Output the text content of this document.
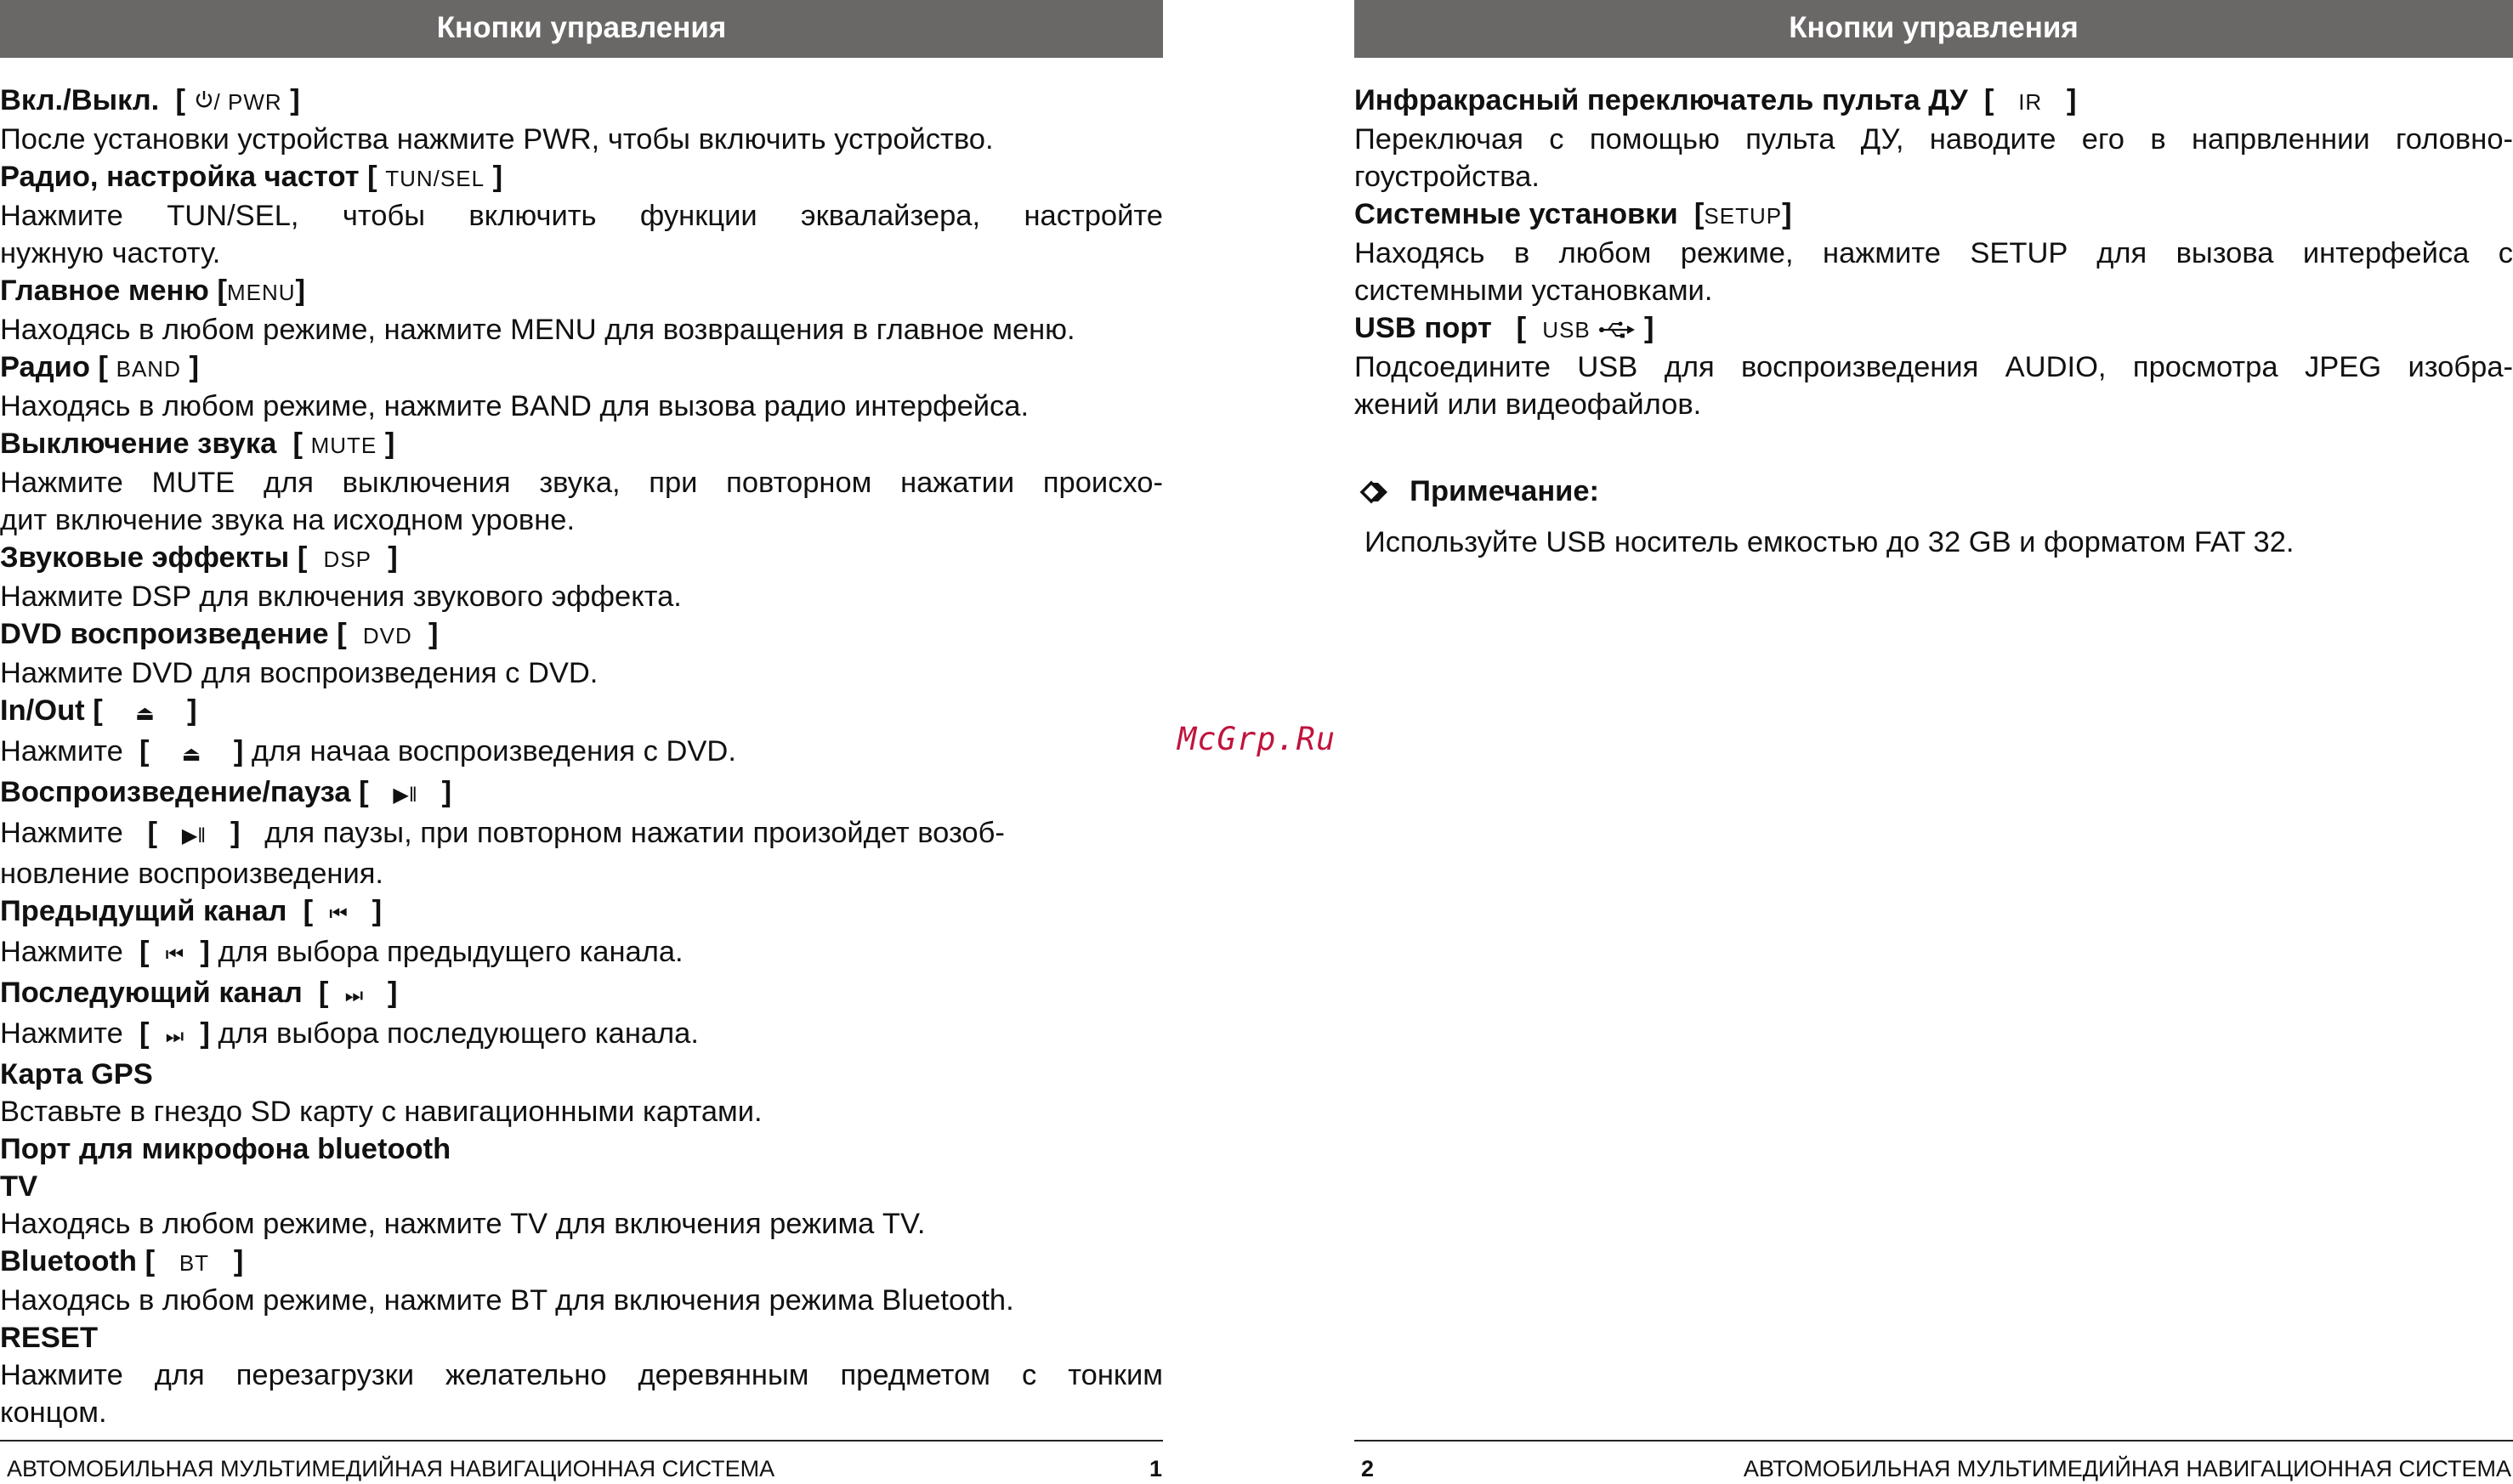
Кнопки управления
Вкл./Выкл. [ / PWR ]
После установки устройства нажмите PWR, чтобы включить устройство.
Радио, настройка частот [ TUN/SEL ]
Нажмите TUN/SEL, чтобы включить функции эквалайзера, настройте
нужную частоту.
Главное меню [MENU]
Находясь в любом режиме, нажмите MENU для возвращения в главное меню.
Радио [ BAND ]
Находясь в любом режиме, нажмите BAND для вызова радио интерфейса.
Выключение звука [ MUTE ]
Нажмите MUTE для выключения звука, при повторном нажатии происхо-
дит включение звука на исходном уровне.
Звуковые эффекты [ DSP ]
Нажмите DSP для включения звукового эффекта.
DVD воспроизведение [ DVD ]
Нажмите DVD для воспроизведения с DVD.
In/Out [ ⏏ ]
Нажмите [ ⏏ ] для начаа воспроизведения с DVD.
Воспроизведение/пауза [ ▶ǁ ]
Нажмите [ ▶ǁ ] для паузы, при повторном нажатии произойдет возоб-
новление воспроизведения.
Предыдущий канал [ ⏮ ]
Нажмите [ ⏮ ] для выбора предыдущего канала.
Последующий канал [ ⏭ ]
Нажмите [ ⏭ ] для выбора последующего канала.
Карта GPS
Вставьте в гнездо SD карту с навигационными картами.
Порт для микрофона bluetooth
TV
Находясь в любом режиме, нажмите TV для включения режима TV.
Bluetooth [ BT ]
Находясь в любом режиме, нажмите BT для включения режима Bluetooth.
RESET
Нажмите для перезагрузки желательно деревянным предметом с тонким
концом.
АВТОМОБИЛЬНАЯ МУЛЬТИМЕДИЙНАЯ НАВИГАЦИОННАЯ СИСТЕМА	1
McGrp.Ru
Кнопки управления
Инфракрасный переключатель пульта ДУ [ IR ]
Переключая с помощью пульта ДУ, наводите его в напрвленнии головно-
гоустройства.
Системные установки [SETUP]
Находясь в любом режиме, нажмите SETUP для вызова интерфейса с
системными установками.
USB порт [ USB ]
Подсоедините USB для воспроизведения AUDIO, просмотра JPEG изобра-
жений или видеофайлов.
Примечание:
Используйте USB носитель емкостью до 32 GB и форматом FAT 32.
2	АВТОМОБИЛЬНАЯ МУЛЬТИМЕДИЙНАЯ НАВИГАЦИОННАЯ СИСТЕМА
